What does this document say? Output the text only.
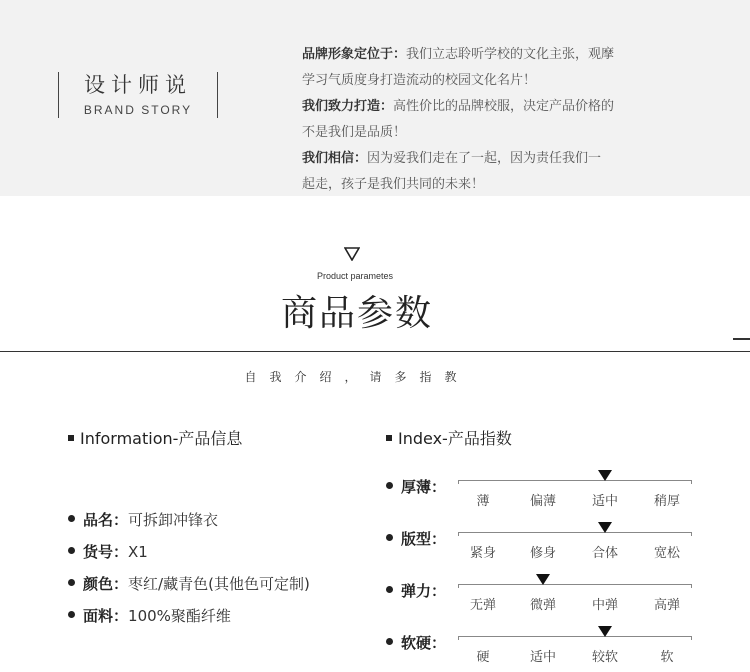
设计师说
BRAND STORY

品牌形象定位于：我们立志聆听学校的文化主张，观摩

学习气质度身打造流动的校园文化名片！

我们致力打造：高性价比的品牌校服，决定产品价格的

不是我们是品质！

我们相信：因为爱我们走在了一起，因为责任我们一

起走，孩子是我们共同的未来！

Product parametes
商品参数
自我介绍，请多指教
Information-产品信息
品名：可拆卸冲锋衣
货号：X1
颜色：枣红/藏青色(其他色可定制)
面料：100%聚酯纤维
Index-产品指数
厚薄：
薄	偏薄	适中	稍厚
版型：
紧身	修身	合体	宽松
弹力：
无弹	微弹	中弹	高弹
软硬：
硬	适中	较软	软
